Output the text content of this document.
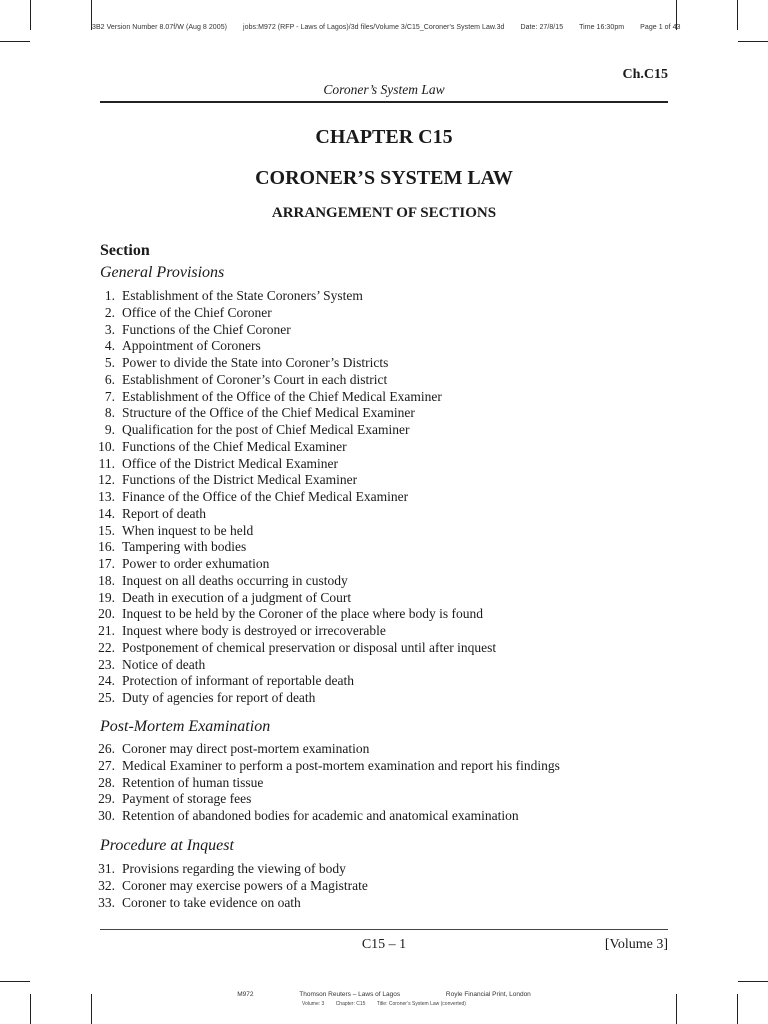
3B2 Version Number 8.07f/W (Aug 8 2005) jobs:M972 (RFP - Laws of Lagos)/3d files/Volume 3/C15_Coroner's System Law.3d Date: 27/8/15 Time 16:30pm Page 1 of 43
Ch.C15
Coroner’s System Law
CHAPTER C15
CORONER’S SYSTEM LAW
ARRANGEMENT OF SECTIONS
Section
General Provisions
1. Establishment of the State Coroners’ System
2. Office of the Chief Coroner
3. Functions of the Chief Coroner
4. Appointment of Coroners
5. Power to divide the State into Coroner’s Districts
6. Establishment of Coroner’s Court in each district
7. Establishment of the Office of the Chief Medical Examiner
8. Structure of the Office of the Chief Medical Examiner
9. Qualification for the post of Chief Medical Examiner
10. Functions of the Chief Medical Examiner
11. Office of the District Medical Examiner
12. Functions of the District Medical Examiner
13. Finance of the Office of the Chief Medical Examiner
14. Report of death
15. When inquest to be held
16. Tampering with bodies
17. Power to order exhumation
18. Inquest on all deaths occurring in custody
19. Death in execution of a judgment of Court
20. Inquest to be held by the Coroner of the place where body is found
21. Inquest where body is destroyed or irrecoverable
22. Postponement of chemical preservation or disposal until after inquest
23. Notice of death
24. Protection of informant of reportable death
25. Duty of agencies for report of death
Post-Mortem Examination
26. Coroner may direct post-mortem examination
27. Medical Examiner to perform a post-mortem examination and report his findings
28. Retention of human tissue
29. Payment of storage fees
30. Retention of abandoned bodies for academic and anatomical examination
Procedure at Inquest
31. Provisions regarding the viewing of body
32. Coroner may exercise powers of a Magistrate
33. Coroner to take evidence on oath
C15 – 1	[Volume 3]
M972	Thomson Reuters – Laws of Lagos	Royle Financial Print, London
Volume: 3 Chapter: C15 Title: Coroner’s System Law (converted)
